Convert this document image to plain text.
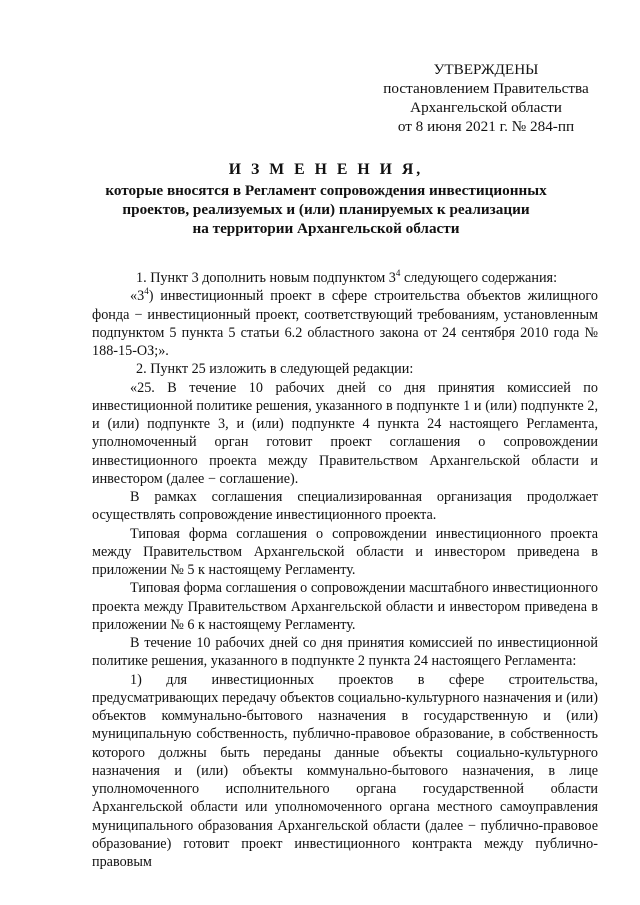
УТВЕРЖДЕНЫ
постановлением Правительства
Архангельской области
от 8 июня 2021 г. № 284-пп
И З М Е Н Е Н И Я,
которые вносятся в Регламент сопровождения инвестиционных
проектов, реализуемых и (или) планируемых к реализации
на территории Архангельской области

1. Пункт 3 дополнить новым подпунктом $3^4$ следующего содержания:

«$3^4$) инвестиционный проект в сфере строительства объектов жилищного фонда − инвестиционный проект, соответствующий требованиям, установленным подпунктом 5 пункта 5 статьи 6.2 областного закона от 24 сентября 2010 года № 188-15-ОЗ;».

2. Пункт 25 изложить в следующей редакции:

«25. В течение 10 рабочих дней со дня принятия комиссией по инвестиционной политике решения, указанного в подпункте 1 и (или) подпункте 2, и (или) подпункте 3, и (или) подпункте 4 пункта 24 настоящего Регламента, уполномоченный орган готовит проект соглашения о сопровождении инвестиционного проекта между Правительством Архангельской области и инвестором (далее − соглашение).

В рамках соглашения специализированная организация продолжает осуществлять сопровождение инвестиционного проекта.

Типовая форма соглашения о сопровождении инвестиционного проекта между Правительством Архангельской области и инвестором приведена в приложении № 5 к настоящему Регламенту.

Типовая форма соглашения о сопровождении масштабного инвестиционного проекта между Правительством Архангельской области и инвестором приведена в приложении № 6 к настоящему Регламенту.

В течение 10 рабочих дней со дня принятия комиссией по инвестиционной политике решения, указанного в подпункте 2 пункта 24 настоящего Регламента:

1) для инвестиционных проектов в сфере строительства, предусматривающих передачу объектов социально-культурного назначения и (или) объектов коммунально-бытового назначения в государственную и (или) муниципальную собственность, публично-правовое образование, в собственность которого должны быть переданы данные объекты социально-культурного назначения и (или) объекты коммунально-бытового назначения, в лице уполномоченного исполнительного органа государственной области Архангельской области или уполномоченного органа местного самоуправления муниципального образования Архангельской области (далее − публично-правовое образование) готовит проект инвестиционного контракта между публично-правовым
